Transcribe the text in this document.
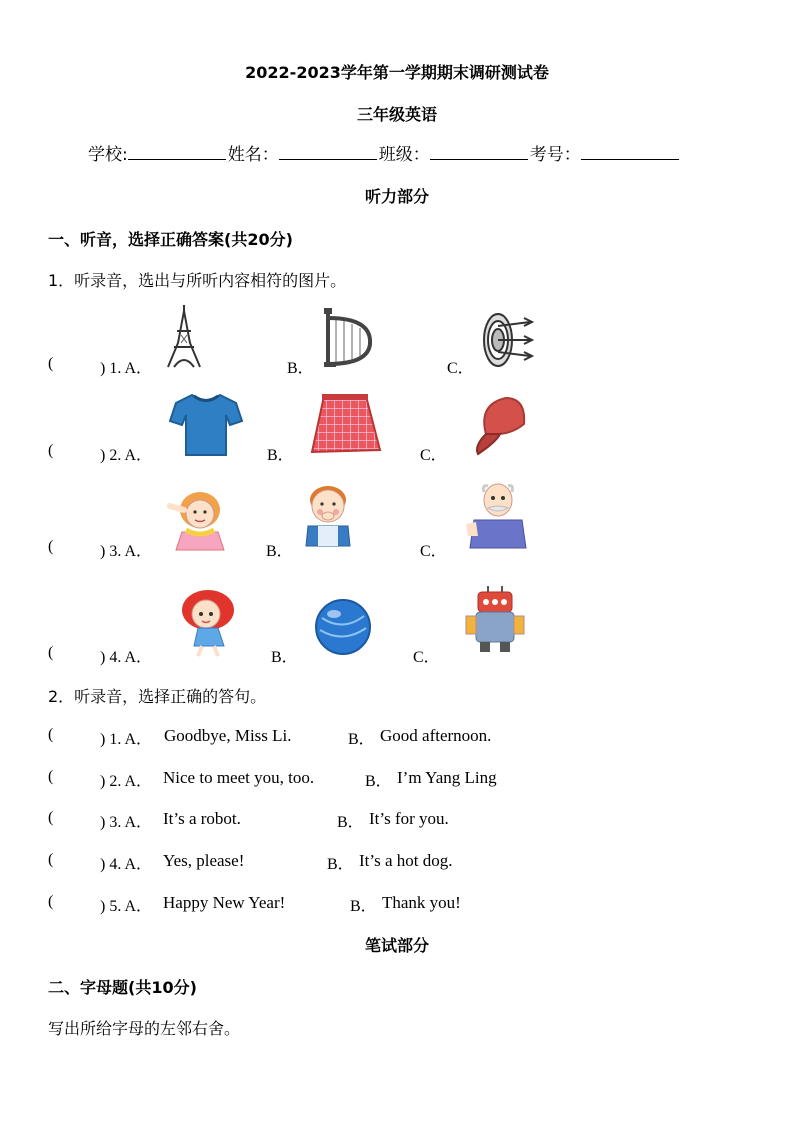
2022-2023学年第一学期期末调研测试卷
三年级英语
学校:	姓名：	班级：	考号：
听力部分
一、听音，选择正确答案(共20分)
1．听录音，选出与所听内容相符的图片。
(	) 1. A．	B．	C．
(	) 2. A．	B．	C．
(	) 3. A．	B．	C．
(	) 4. A．	B．	C．
2．听录音，选择正确的答句。
(	) 1. A． Goodbye, Miss Li.	B． Good afternoon.
(	) 2. A． Nice to meet you, too.	B． I’m Yang Ling
(	) 3. A． It’s a robot.	B． It’s for you.
(	) 4. A． Yes, please!	B． It’s a hot dog.
(	) 5. A． Happy New Year!	B． Thank you!
笔试部分
二、字母题(共10分)
写出所给字母的左邻右舍。
